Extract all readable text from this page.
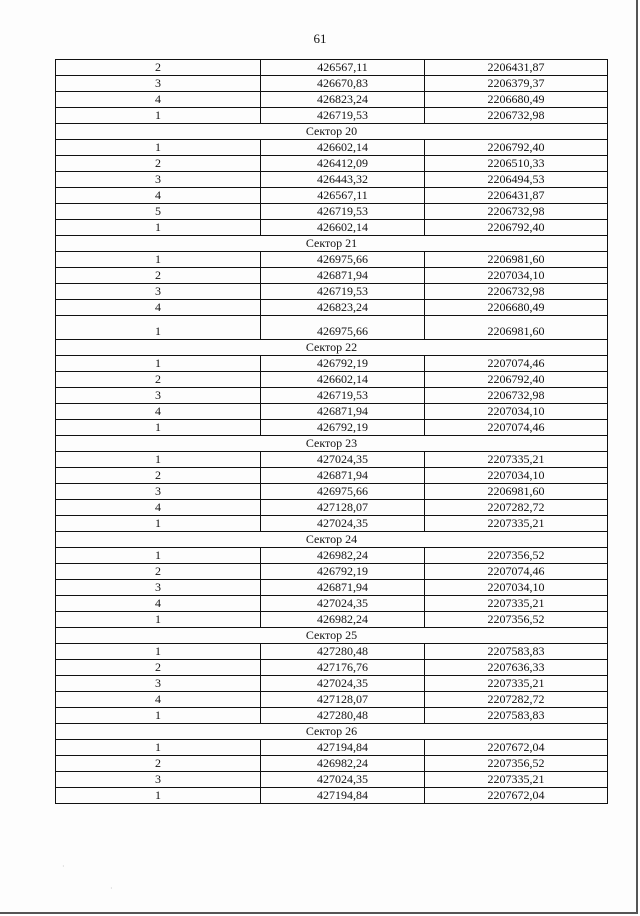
61
2	426567,11	2206431,87
3	426670,83	2206379,37
4	426823,24	2206680,49
1	426719,53	2206732,98
Сектор 20		
1	426602,14	2206792,40
2	426412,09	2206510,33
3	426443,32	2206494,53
4	426567,11	2206431,87
5	426719,53	2206732,98
1	426602,14	2206792,40
Сектор 21		
1	426975,66	2206981,60
2	426871,94	2207034,10
3	426719,53	2206732,98
4	426823,24	2206680,49
1	426975,66	2206981,60
Сектор 22		
1	426792,19	2207074,46
2	426602,14	2206792,40
3	426719,53	2206732,98
4	426871,94	2207034,10
1	426792,19	2207074,46
Сектор 23		
1	427024,35	2207335,21
2	426871,94	2207034,10
3	426975,66	2206981,60
4	427128,07	2207282,72
1	427024,35	2207335,21
Сектор 24		
1	426982,24	2207356,52
2	426792,19	2207074,46
3	426871,94	2207034,10
4	427024,35	2207335,21
1	426982,24	2207356,52
Сектор 25		
1	427280,48	2207583,83
2	427176,76	2207636,33
3	427024,35	2207335,21
4	427128,07	2207282,72
1	427280,48	2207583,83
Сектор 26		
1	427194,84	2207672,04
2	426982,24	2207356,52
3	427024,35	2207335,21
1	427194,84	2207672,04
·
·
